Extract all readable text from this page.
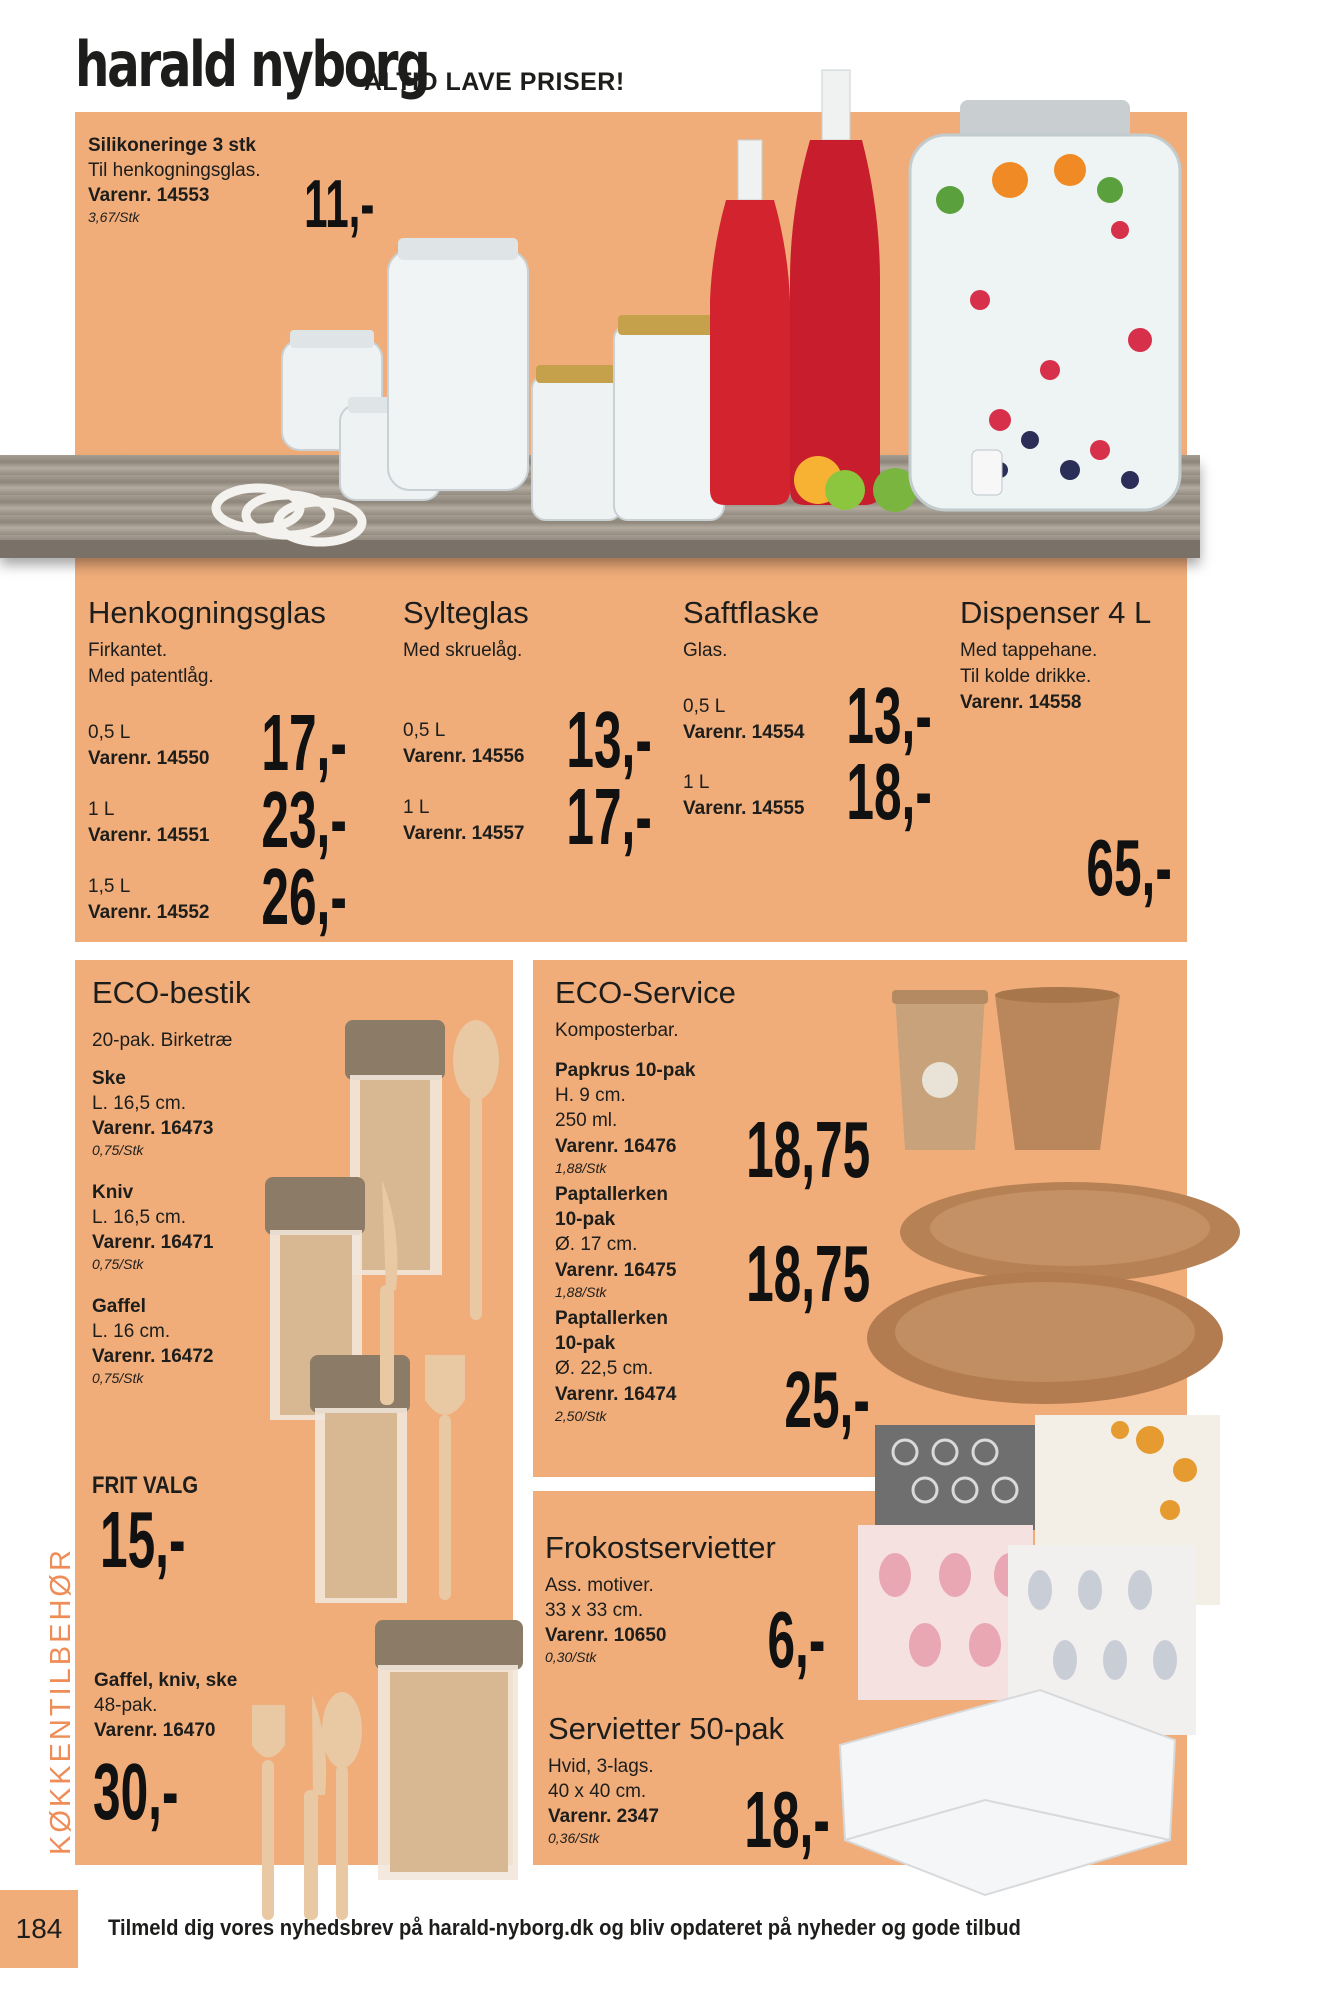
harald nyborg
-ALTID LAVE PRISER!
Silikoneringe 3 stk
Til henkogningsglas.
Varenr. 14553
3,67/Stk 11,-
Henkogningsglas
Firkantet.
Med patentlåg.
0,5 L
Varenr. 14550 17,-
1 L
Varenr. 14551 23,-
1,5 L
Varenr. 14552 26,-
Sylteglas
Med skruelåg.
0,5 L
Varenr. 14556 13,-
1 L
Varenr. 14557 17,-
Saftflaske
Glas.
0,5 L
Varenr. 14554 13,-
1 L
Varenr. 14555 18,-
Dispenser 4 L
Med tappehane.
Til kolde drikke.
Varenr. 14558
65,-
ECO-bestik
20-pak. Birketræ
Ske
L. 16,5 cm.
Varenr. 16473
0,75/Stk
Kniv
L. 16,5 cm.
Varenr. 16471
0,75/Stk
Gaffel
L. 16 cm.
Varenr. 16472
0,75/Stk
FRIT VALG
15,-
Gaffel, kniv, ske
48-pak.
Varenr. 16470
30,-
ECO-Service
Komposterbar.
Papkrus 10-pak
H. 9 cm.
250 ml.
Varenr. 16476
1,88/Stk 18,75
Paptallerken
10-pak
Ø. 17 cm.
Varenr. 16475
1,88/Stk 18,75
Paptallerken
10-pak
Ø. 22,5 cm.
Varenr. 16474
2,50/Stk 25,-
Frokostservietter
Ass. motiver.
33 x 33 cm.
Varenr. 10650
0,30/Stk 6,-
Servietter 50-pak
Hvid, 3-lags.
40 x 40 cm.
Varenr. 2347
0,36/Stk 18,-
KØKKENTILBEHØR
184	Tilmeld dig vores nyhedsbrev på harald-nyborg.dk og bliv opdateret på nyheder og gode tilbud
